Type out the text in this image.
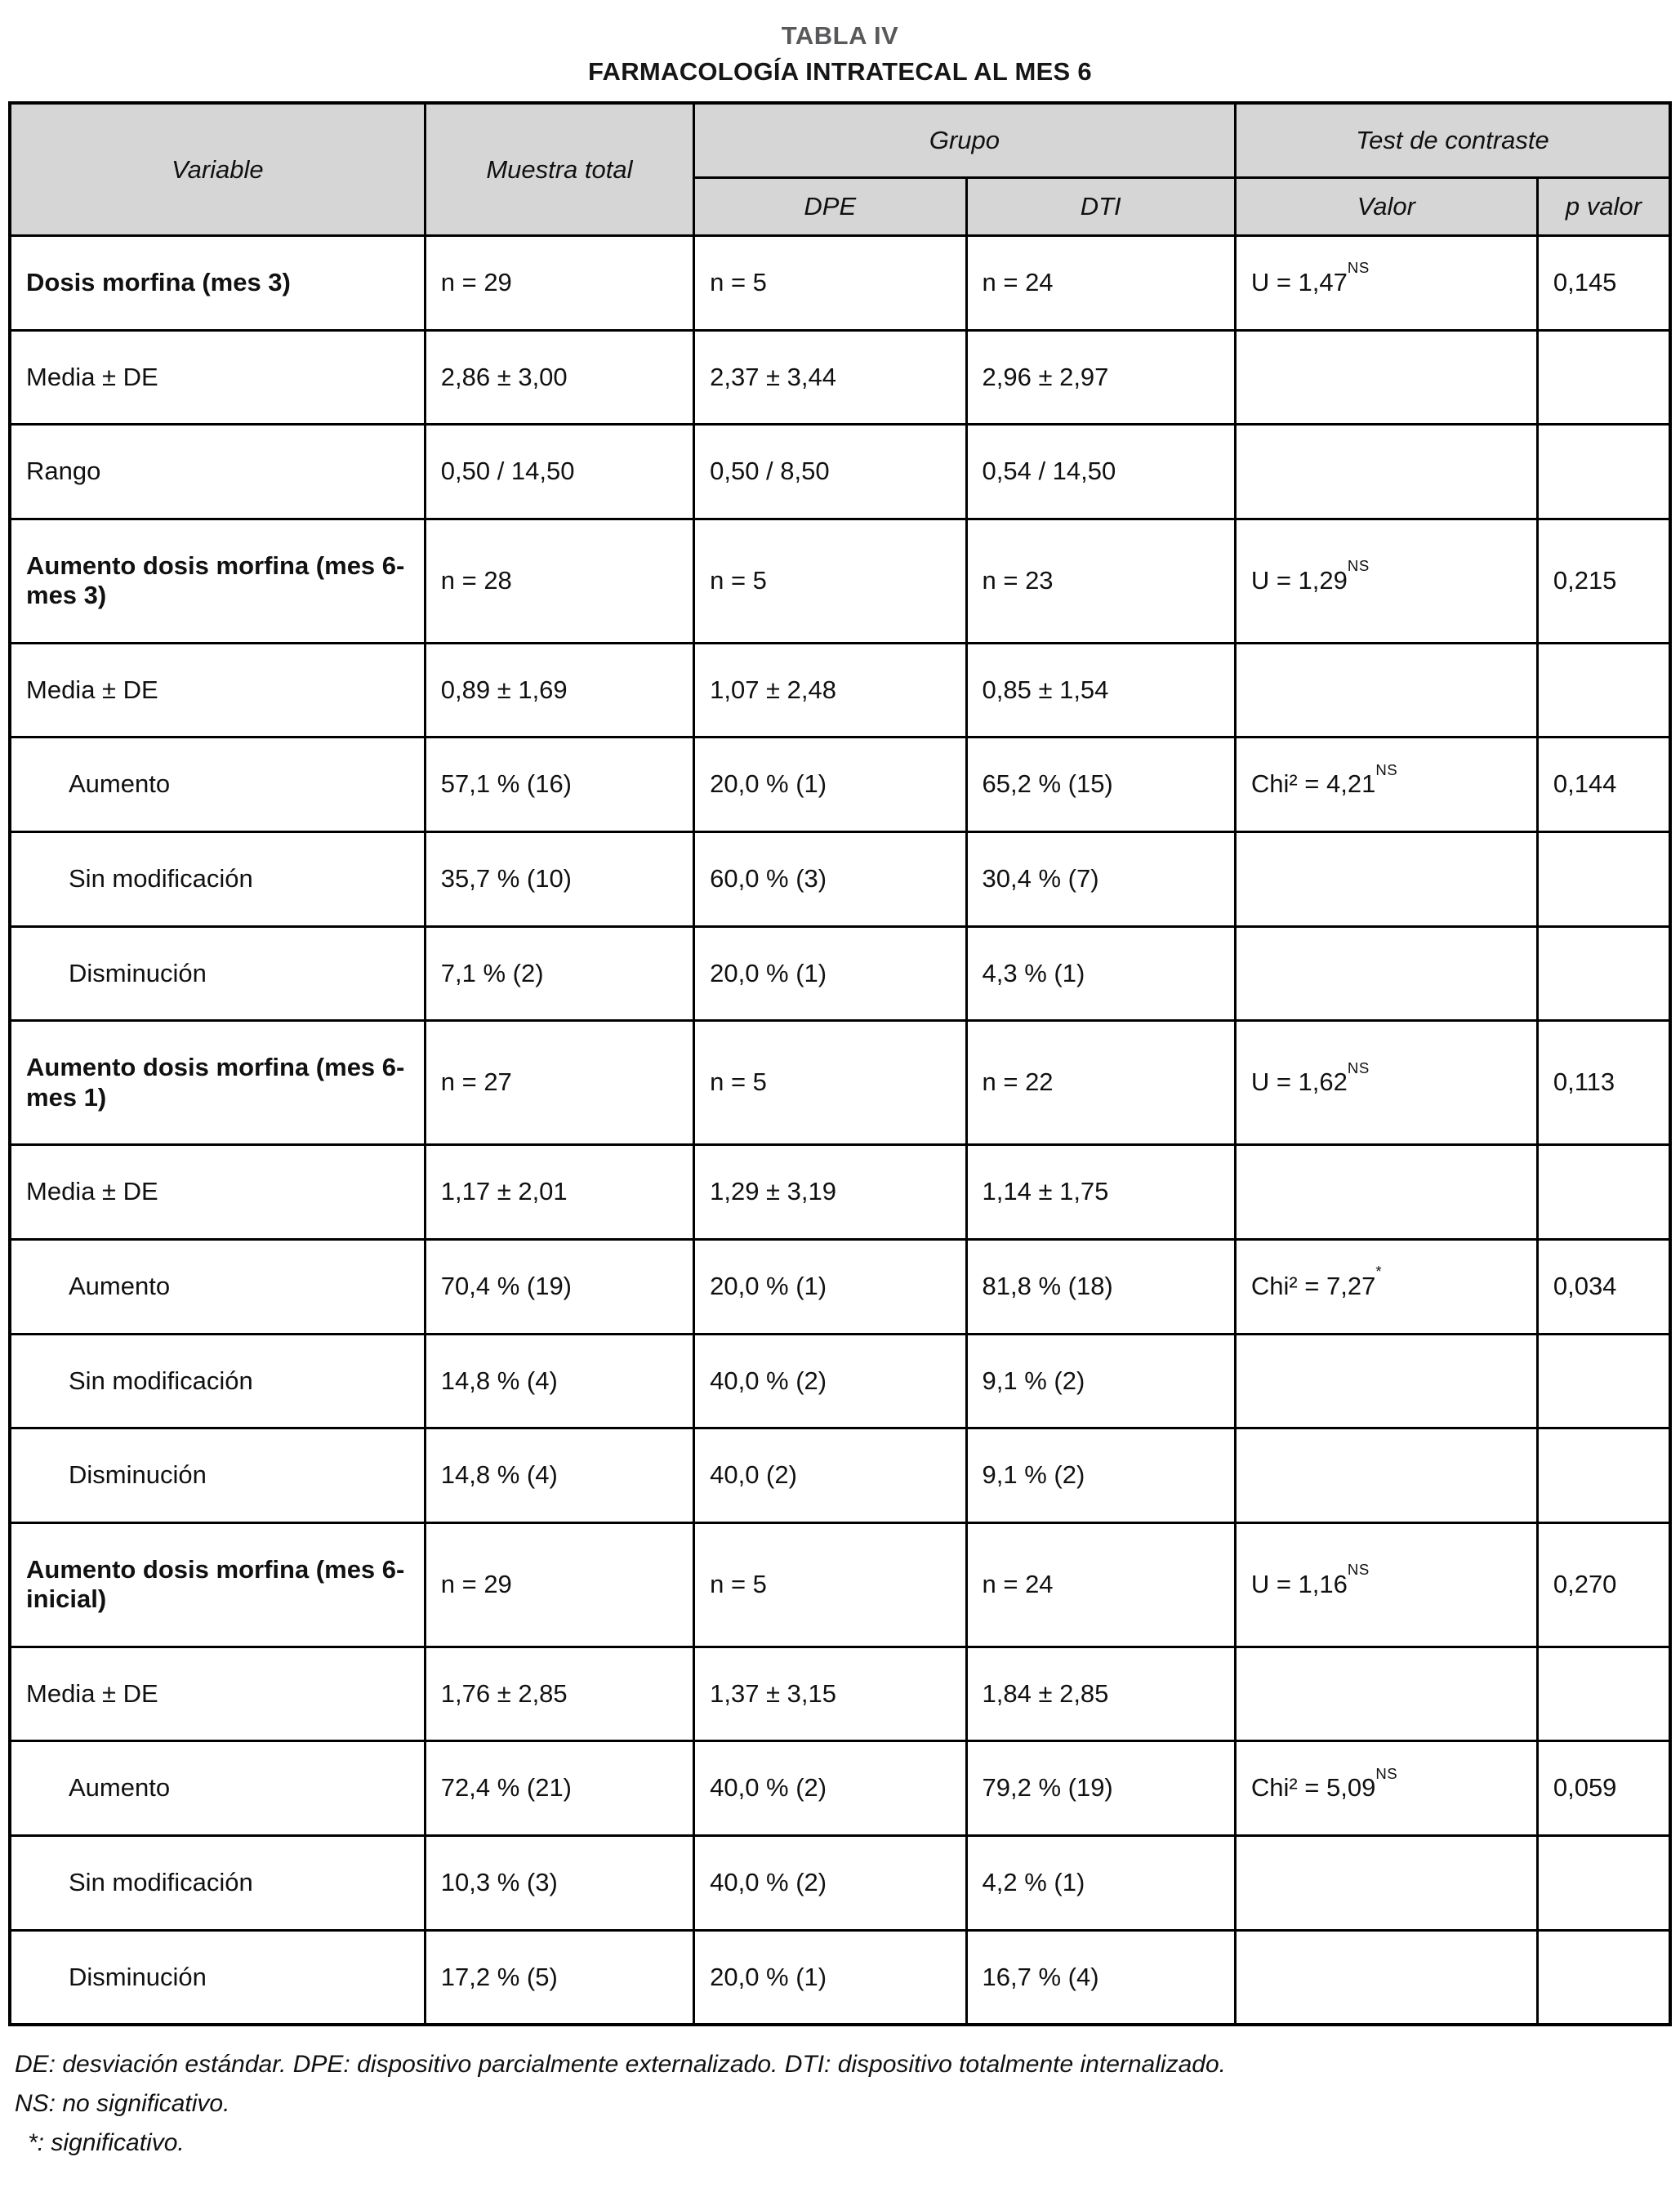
TABLA IV
FARMACOLOGÍA INTRATECAL AL MES 6
Variable	Muestra total	Grupo		Test de contraste	
		DPE	DTI	Valor	p valor
Dosis morfina (mes 3)	n = 29	n = 5	n = 24	$U = 1,47^{NS}$	0,145
Media ± DE	2,86 ± 3,00	2,37 ± 3,44	2,96 ± 2,97		
Rango	0,50 / 14,50	0,50 / 8,50	0,54 / 14,50		
Aumento dosis morfina (mes 6- mes 3)	n = 28	n = 5	n = 23	$U = 1,29^{NS}$	0,215
Media ± DE	0,89 ± 1,69	1,07 ± 2,48	0,85 ± 1,54		
Aumento	57,1 % (16)	20,0 % (1)	65,2 % (15)	$Chi^2 = 4,21^{NS}$	0,144
Sin modificación	35,7 % (10)	60,0 % (3)	30,4 % (7)		
Disminución	7,1 % (2)	20,0 % (1)	4,3 % (1)		
Aumento dosis morfina (mes 6- mes 1)	n = 27	n = 5	n = 22	$U = 1,62^{NS}$	0,113
Media ± DE	1,17 ± 2,01	1,29 ± 3,19	1,14 ± 1,75		
Aumento	70,4 % (19)	20,0 % (1)	81,8 % (18)	Chi² = 7,27*	0,034
Sin modificación	14,8 % (4)	40,0 % (2)	9,1 % (2)		
Disminución	14,8 % (4)	40,0 (2)	9,1 % (2)		
Aumento dosis morfina (mes 6- inicial)	n = 29	n = 5	n = 24	$U = 1,16^{NS}$	0,270
Media ± DE	1,76 ± 2,85	1,37 ± 3,15	1,84 ± 2,85		
Aumento	72,4 % (21)	40,0 % (2)	79,2 % (19)	$Chi^2 = 5,09^{NS}$	0,059
Sin modificación	10,3 % (3)	40,0 % (2)	4,2 % (1)		
Disminución	17,2 % (5)	20,0 % (1)	16,7 % (4)		

DE: desviación estándar. DPE: dispositivo parcialmente externalizado. DTI: dispositivo totalmente internalizado.

NS: no significativo.

*: significativo.
